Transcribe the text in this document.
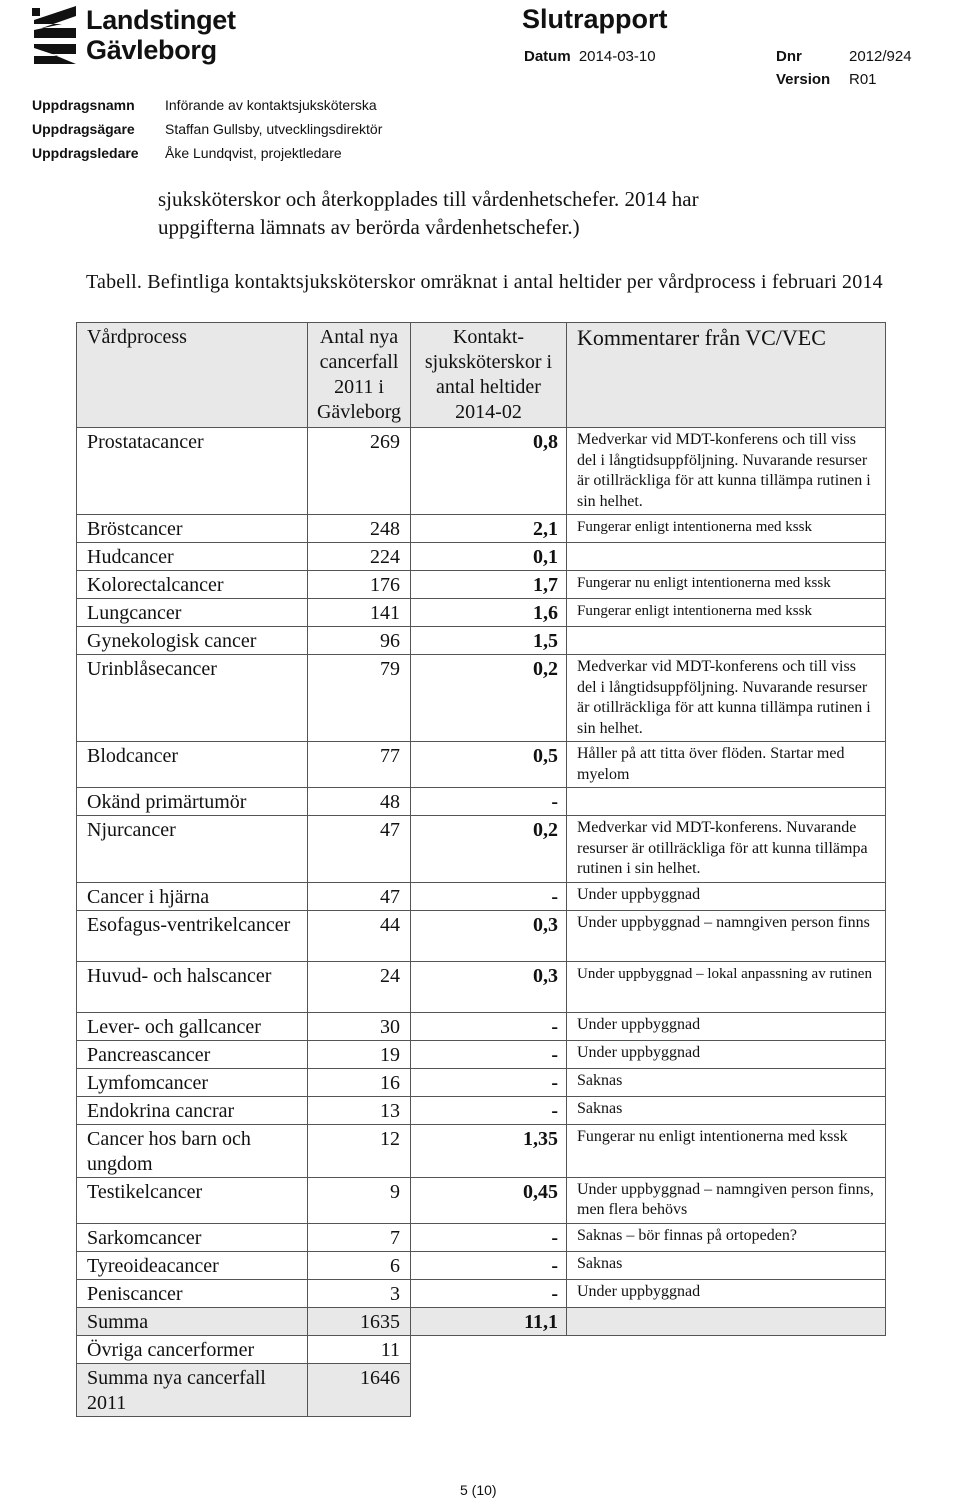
Landstinget
Gävleborg
Slutrapport
Datum 2014-03-10	Dnr	2012/924
Version R01
Uppdragsnamn	Införande av kontaktsjuksköterska
Uppdragsägare	Staffan Gullsby, utvecklingsdirektör
Uppdragsledare	Åke Lundqvist, projektledare
sjuksköterskor och återkopplades till vårdenhetschefer. 2014 har
uppgifterna lämnats av berörda vårdenhetschefer.)
Tabell. Befintliga kontaktsjuksköterskor omräknat i antal heltider per vårdprocess i februari 2014
Vårdprocess	Antal nya cancerfall 2011 i Gävleborg	Kontakt-sjuksköterskor i antal heltider 2014-02	Kommentarer från VC/VEC
Prostatacancer	269	0,8	Medverkar vid MDT-konferens och till viss del i långtidsuppföljning. Nuvarande resurser är otillräckliga för att kunna tillämpa rutinen i sin helhet.
Bröstcancer	248	2,1	Fungerar enligt intentionerna med kssk
Hudcancer	224	0,1	
Kolorectalcancer	176	1,7	Fungerar nu enligt intentionerna med kssk
Lungcancer	141	1,6	Fungerar enligt intentionerna med kssk
Gynekologisk cancer	96	1,5	
Urinblåsecancer	79	0,2	Medverkar vid MDT-konferens och till viss del i långtidsuppföljning. Nuvarande resurser är otillräckliga för att kunna tillämpa rutinen i sin helhet.
Blodcancer	77	0,5	Håller på att titta över flöden. Startar med myelom
Okänd primärtumör	48	-	
Njurcancer	47	0,2	Medverkar vid MDT-konferens. Nuvarande resurser är otillräckliga för att kunna tillämpa rutinen i sin helhet.
Cancer i hjärna	47	-	Under uppbyggnad
Esofagus-ventrikelcancer	44	0,3	Under uppbyggnad – namngiven person finns
Huvud- och halscancer	24	0,3	Under uppbyggnad – lokal anpassning av rutinen
Lever- och gallcancer	30	-	Under uppbyggnad
Pancreascancer	19	-	Under uppbyggnad
Lymfomcancer	16	-	Saknas
Endokrina cancrar	13	-	Saknas
Cancer hos barn och ungdom	12	1,35	Fungerar nu enligt intentionerna med kssk
Testikelcancer	9	0,45	Under uppbyggnad – namngiven person finns, men flera behövs
Sarkomcancer	7	-	Saknas – bör finnas på ortopeden?
Tyreoideacancer	6	-	Saknas
Peniscancer	3	-	Under uppbyggnad
Summa	1635	11,1	
Övriga cancerformer	11		
Summa nya cancerfall 2011	1646		
5 (10)
